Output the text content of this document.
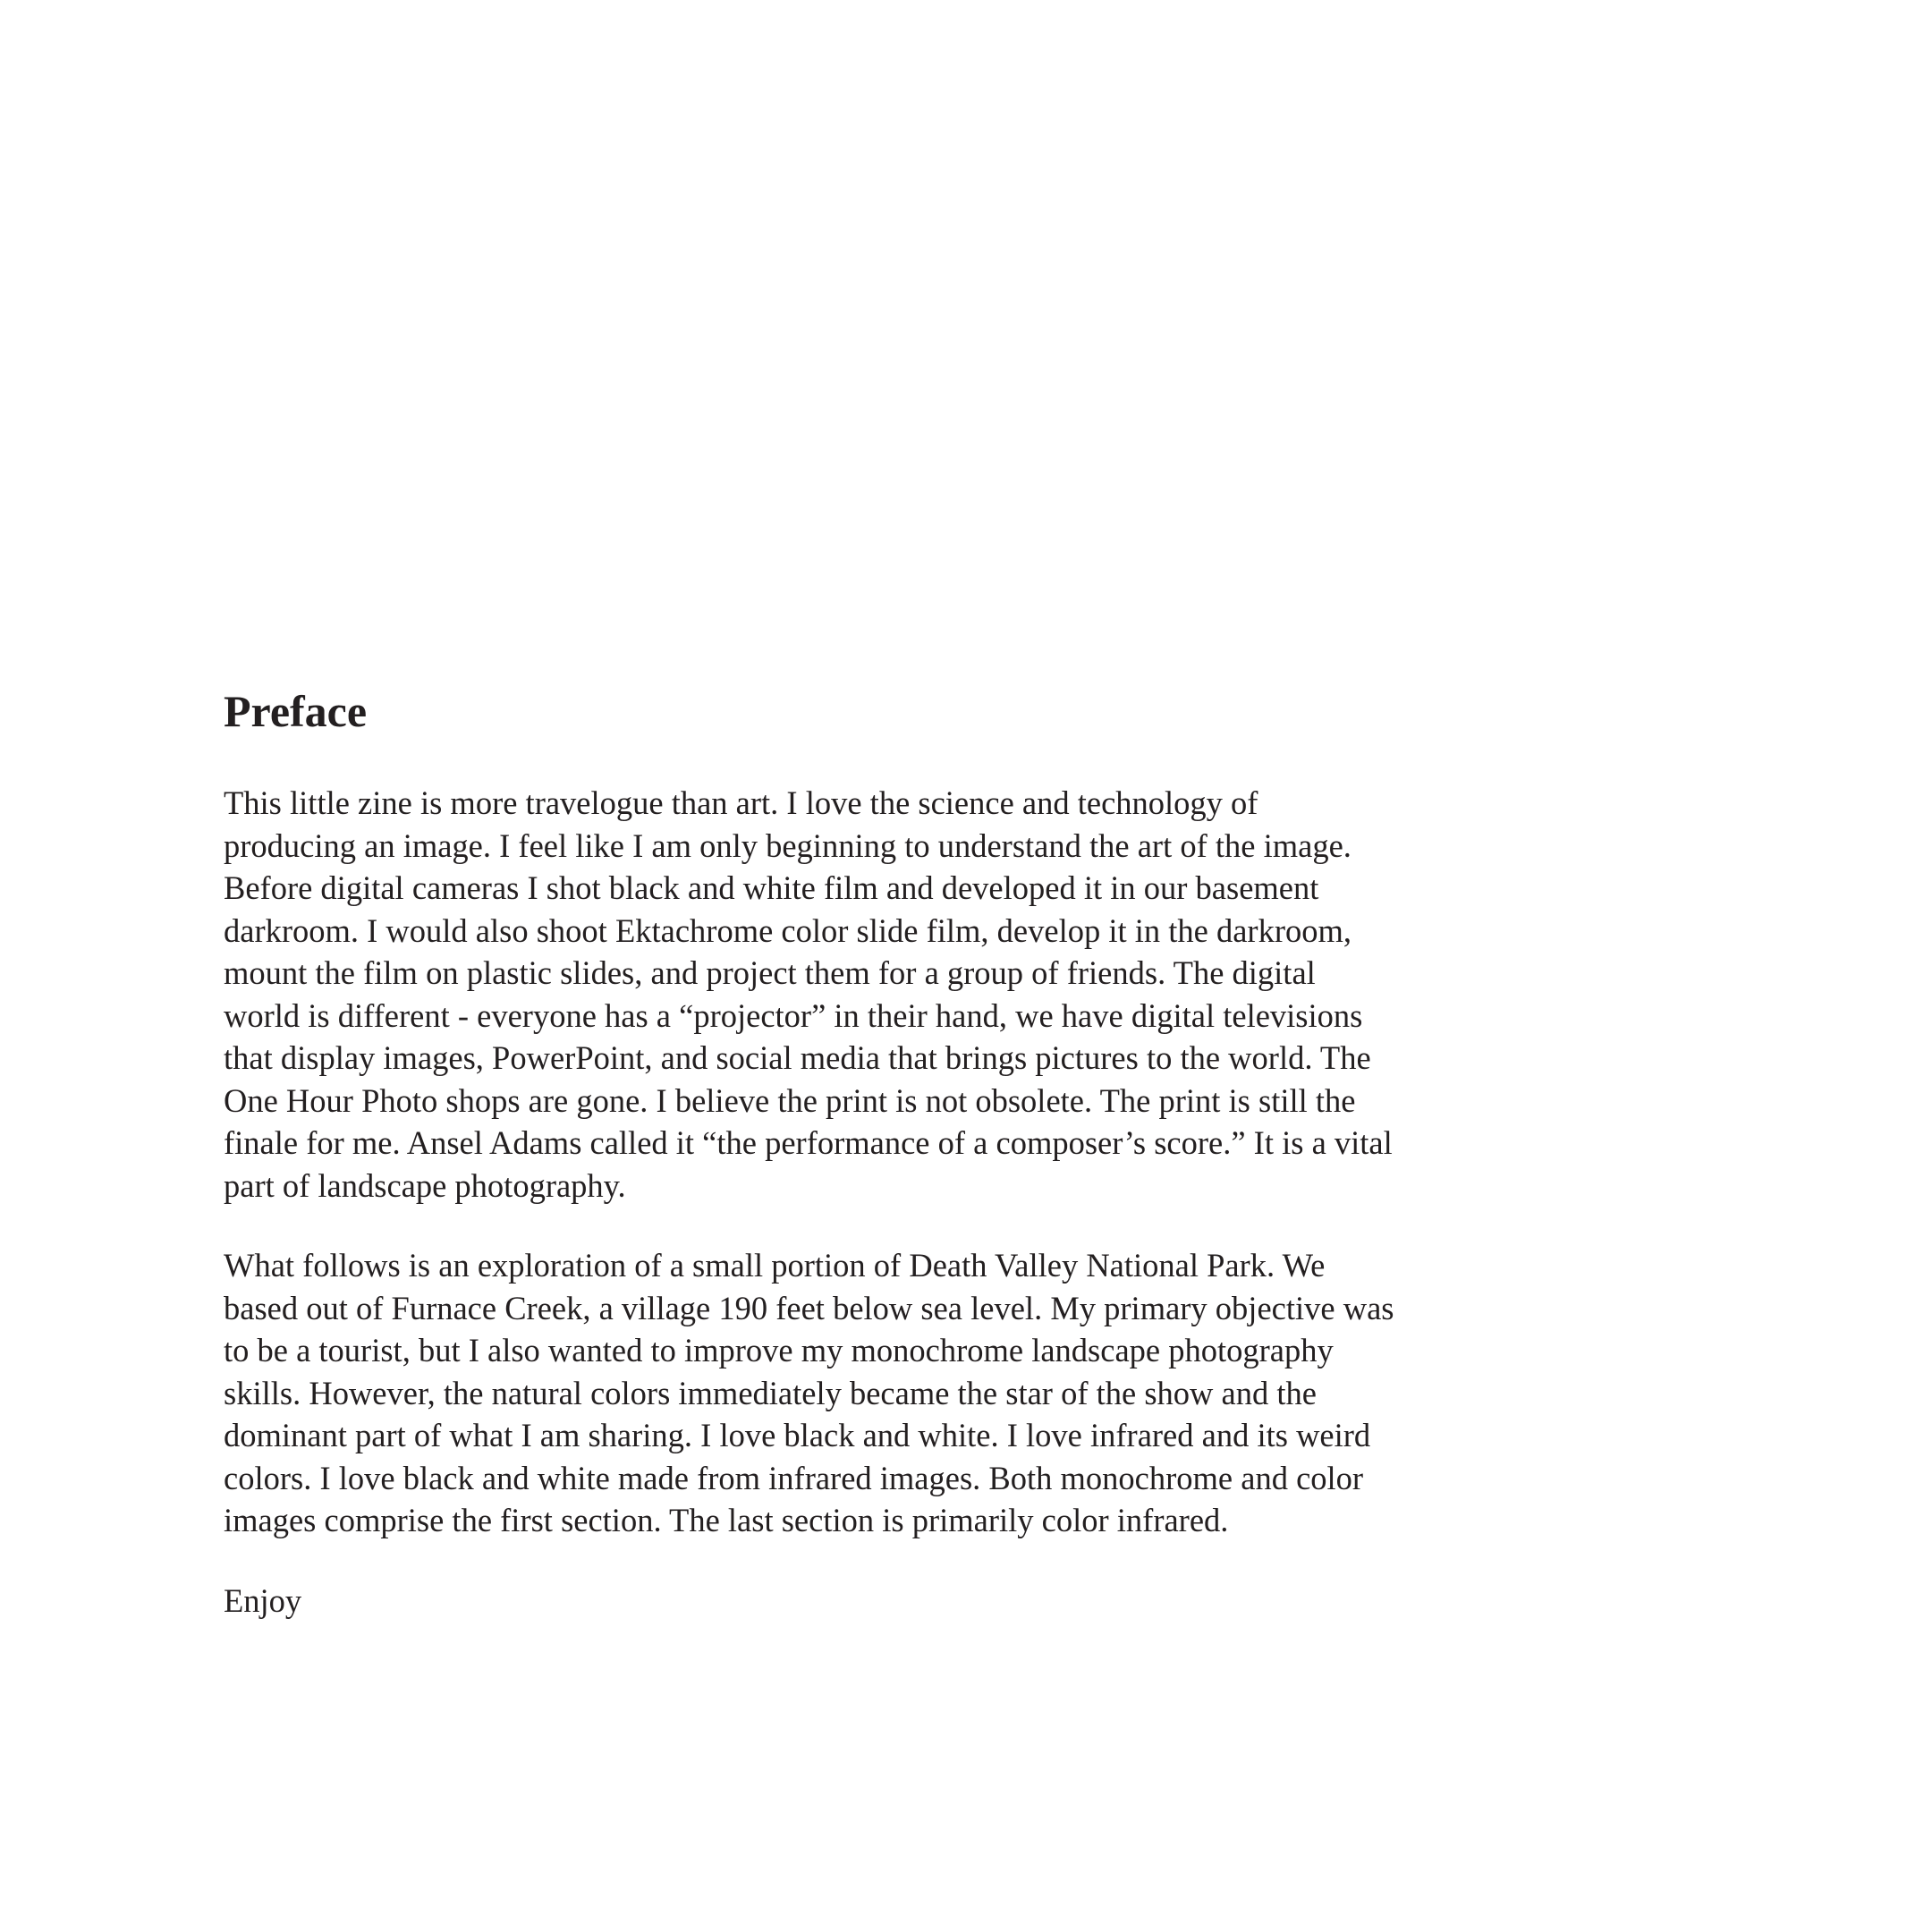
Preface

This little zine is more travelogue than art. I love the science and technology of
producing an image. I feel like I am only beginning to understand the art of the image.
Before digital cameras I shot black and white film and developed it in our basement
darkroom. I would also shoot Ektachrome color slide film, develop it in the darkroom,
mount the film on plastic slides, and project them for a group of friends. The digital
world is different - everyone has a “projector” in their hand, we have digital televisions
that display images, PowerPoint, and social media that brings pictures to the world. The
One Hour Photo shops are gone. I believe the print is not obsolete. The print is still the
finale for me. Ansel Adams called it “the performance of a composer’s score.” It is a vital
part of landscape photography.

What follows is an exploration of a small portion of Death Valley National Park. We
based out of Furnace Creek, a village 190 feet below sea level. My primary objective was
to be a tourist, but I also wanted to improve my monochrome landscape photography
skills. However, the natural colors immediately became the star of the show and the
dominant part of what I am sharing. I love black and white. I love infrared and its weird
colors. I love black and white made from infrared images. Both monochrome and color
images comprise the first section. The last section is primarily color infrared.

Enjoy
